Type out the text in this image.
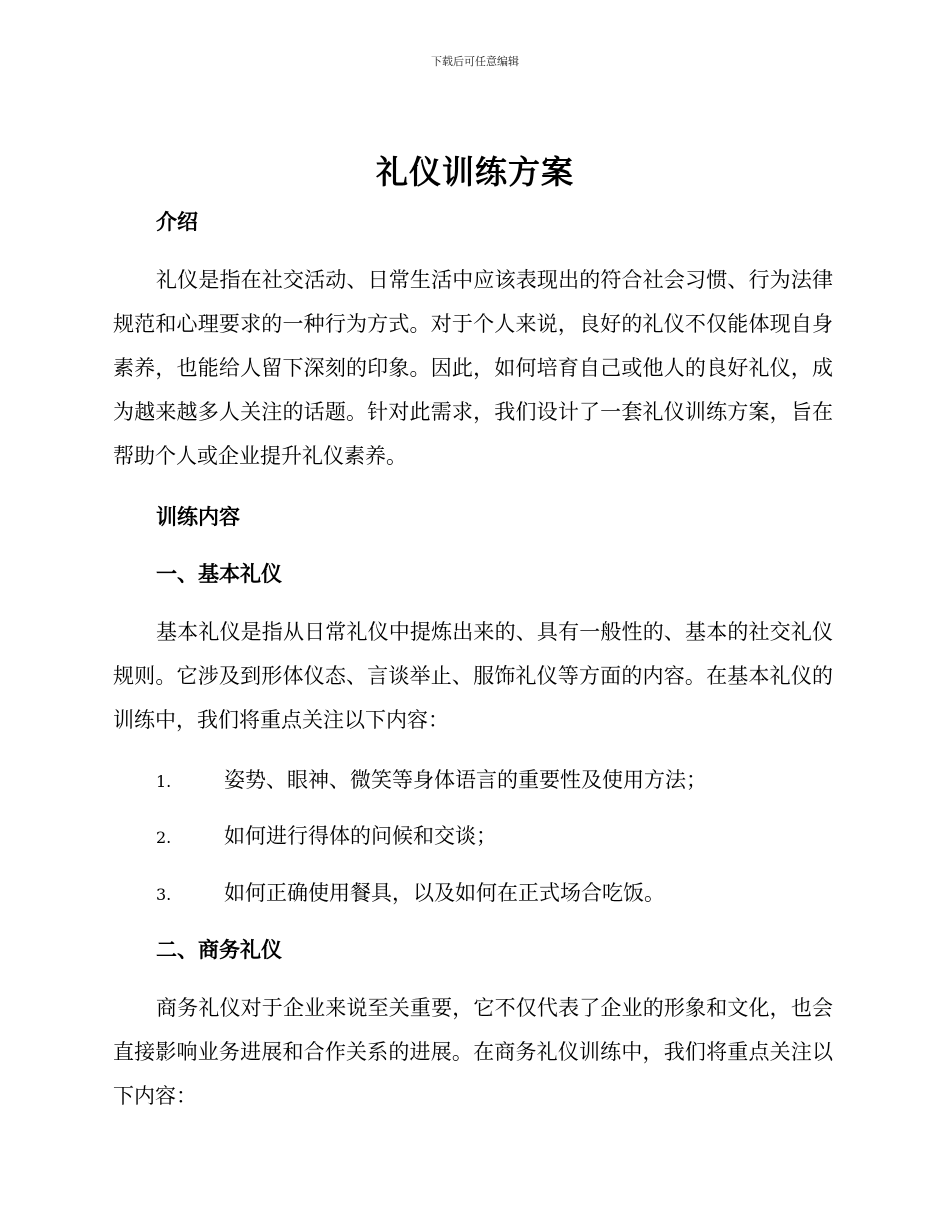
下载后可任意编辑
礼仪训练方案
介绍
礼仪是指在社交活动、日常生活中应该表现出的符合社会习惯、行为法律规范和心理要求的一种行为方式。对于个人来说，良好的礼仪不仅能体现自身素养，也能给人留下深刻的印象。因此，如何培育自己或他人的良好礼仪，成为越来越多人关注的话题。针对此需求，我们设计了一套礼仪训练方案，旨在帮助个人或企业提升礼仪素养。
训练内容
一、基本礼仪
基本礼仪是指从日常礼仪中提炼出来的、具有一般性的、基本的社交礼仪规则。它涉及到形体仪态、言谈举止、服饰礼仪等方面的内容。在基本礼仪的训练中，我们将重点关注以下内容：
1.	姿势、眼神、微笑等身体语言的重要性及使用方法；
2.	如何进行得体的问候和交谈；
3.	如何正确使用餐具，以及如何在正式场合吃饭。
二、商务礼仪
商务礼仪对于企业来说至关重要，它不仅代表了企业的形象和文化，也会直接影响业务进展和合作关系的进展。在商务礼仪训练中，我们将重点关注以下内容：
